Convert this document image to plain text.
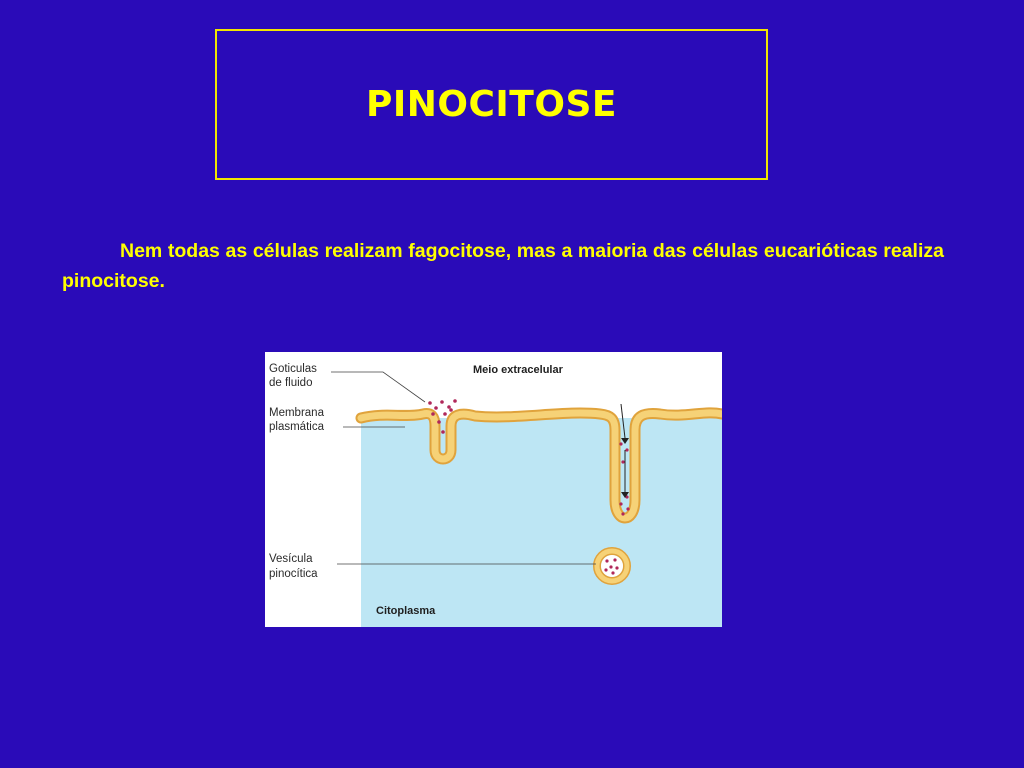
PINOCITOSE

Nem todas as células realizam fagocitose, mas a maioria das células eucarióticas realiza pinocitose.

Goticulas
de fluido
Membrana
plasmática
Vesícula
pinocítica
Meio extracelular
Citoplasma
